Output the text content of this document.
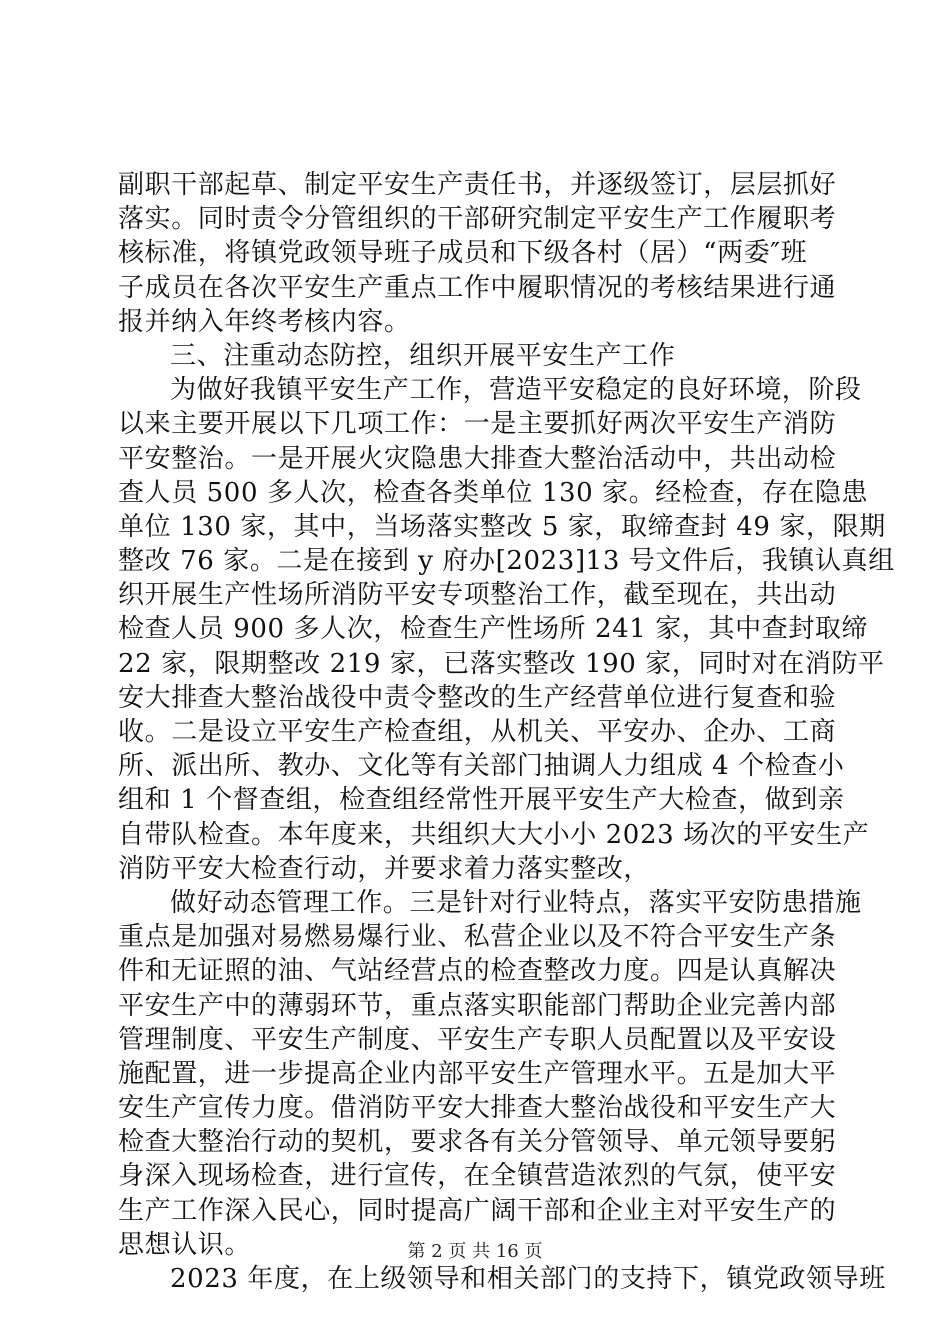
副职干部起草、制定平安生产责任书，并逐级签订，层层抓好
落实。同时责令分管组织的干部研究制定平安生产工作履职考
核标准，将镇党政领导班子成员和下级各村（居）“两委″班
子成员在各次平安生产重点工作中履职情况的考核结果进行通
报并纳入年终考核内容。
三、注重动态防控，组织开展平安生产工作
为做好我镇平安生产工作，营造平安稳定的良好环境，阶段
以来主要开展以下几项工作：一是主要抓好两次平安生产消防
平安整治。一是开展火灾隐患大排查大整治活动中，共出动检
查人员 500 多人次，检查各类单位 130 家。经检查，存在隐患
单位 130 家，其中，当场落实整改 5 家，取缔查封 49 家，限期
整改 76 家。二是在接到 y 府办[2023]13 号文件后，我镇认真组
织开展生产性场所消防平安专项整治工作，截至现在，共出动
检查人员 900 多人次，检查生产性场所 241 家，其中查封取缔
22 家，限期整改 219 家，已落实整改 190 家，同时对在消防平
安大排查大整治战役中责令整改的生产经营单位进行复查和验
收。二是设立平安生产检查组，从机关、平安办、企办、工商
所、派出所、教办、文化等有关部门抽调人力组成 4 个检查小
组和 1 个督查组，检查组经常性开展平安生产大检查，做到亲
自带队检查。本年度来，共组织大大小小 2023 场次的平安生产
消防平安大检查行动，并要求着力落实整改，
做好动态管理工作。三是针对行业特点，落实平安防患措施
重点是加强对易燃易爆行业、私营企业以及不符合平安生产条
件和无证照的油、气站经营点的检查整改力度。四是认真解决
平安生产中的薄弱环节，重点落实职能部门帮助企业完善内部
管理制度、平安生产制度、平安生产专职人员配置以及平安设
施配置，进一步提高企业内部平安生产管理水平。五是加大平
安生产宣传力度。借消防平安大排查大整治战役和平安生产大
检查大整治行动的契机，要求各有关分管领导、单元领导要躬
身深入现场检查，进行宣传，在全镇营造浓烈的气氛，使平安
生产工作深入民心，同时提高广阔干部和企业主对平安生产的
思想认识。
2023 年度，在上级领导和相关部门的支持下，镇党政领导班
第 2 页 共 16 页
